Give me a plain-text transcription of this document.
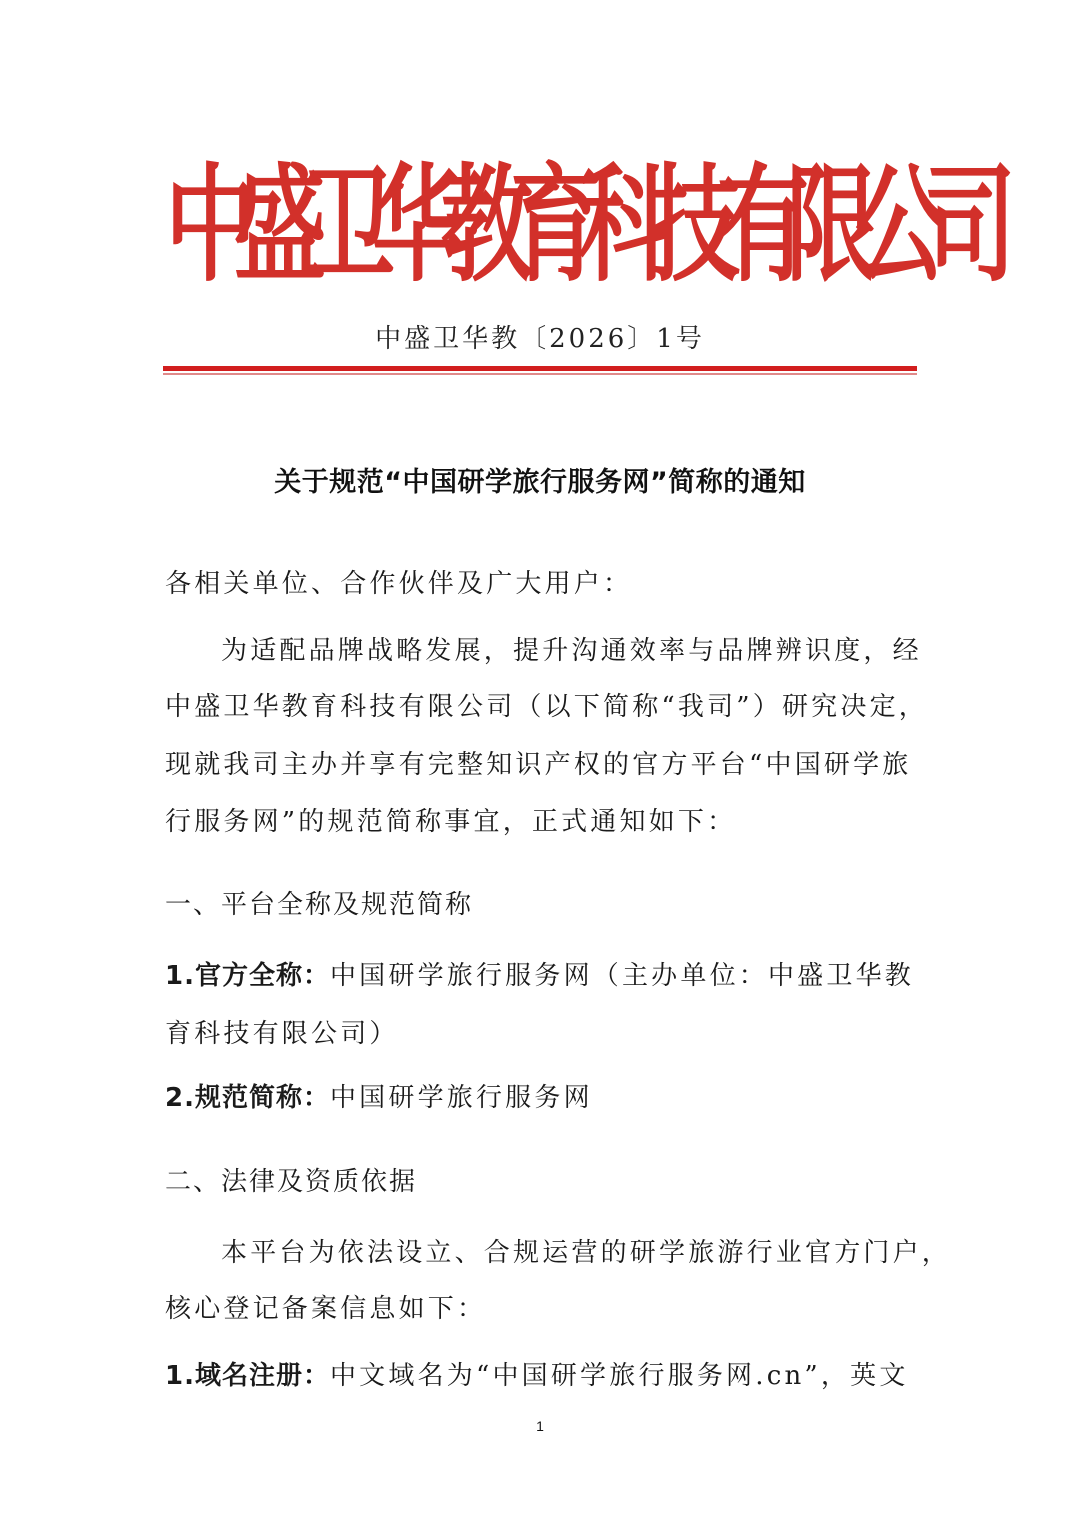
中
盛
卫
华
教
育
科
技
有
限
公
司
中盛卫华教〔2026〕1号
关于规范“中国研学旅行服务网”简称的通知
各相关单位、合作伙伴及广大用户：
为适配品牌战略发展，提升沟通效率与品牌辨识度，经
中盛卫华教育科技有限公司（以下简称“我司”）研究决定，
现就我司主办并享有完整知识产权的官方平台“中国研学旅
行服务网”的规范简称事宜，正式通知如下：
一、平台全称及规范简称
1.官方全称：中国研学旅行服务网（主办单位：中盛卫华教
育科技有限公司）
2.规范简称：中国研学旅行服务网
二、法律及资质依据
本平台为依法设立、合规运营的研学旅游行业官方门户，
核心登记备案信息如下：
1.域名注册：中文域名为“中国研学旅行服务网.cn”，英文
1
